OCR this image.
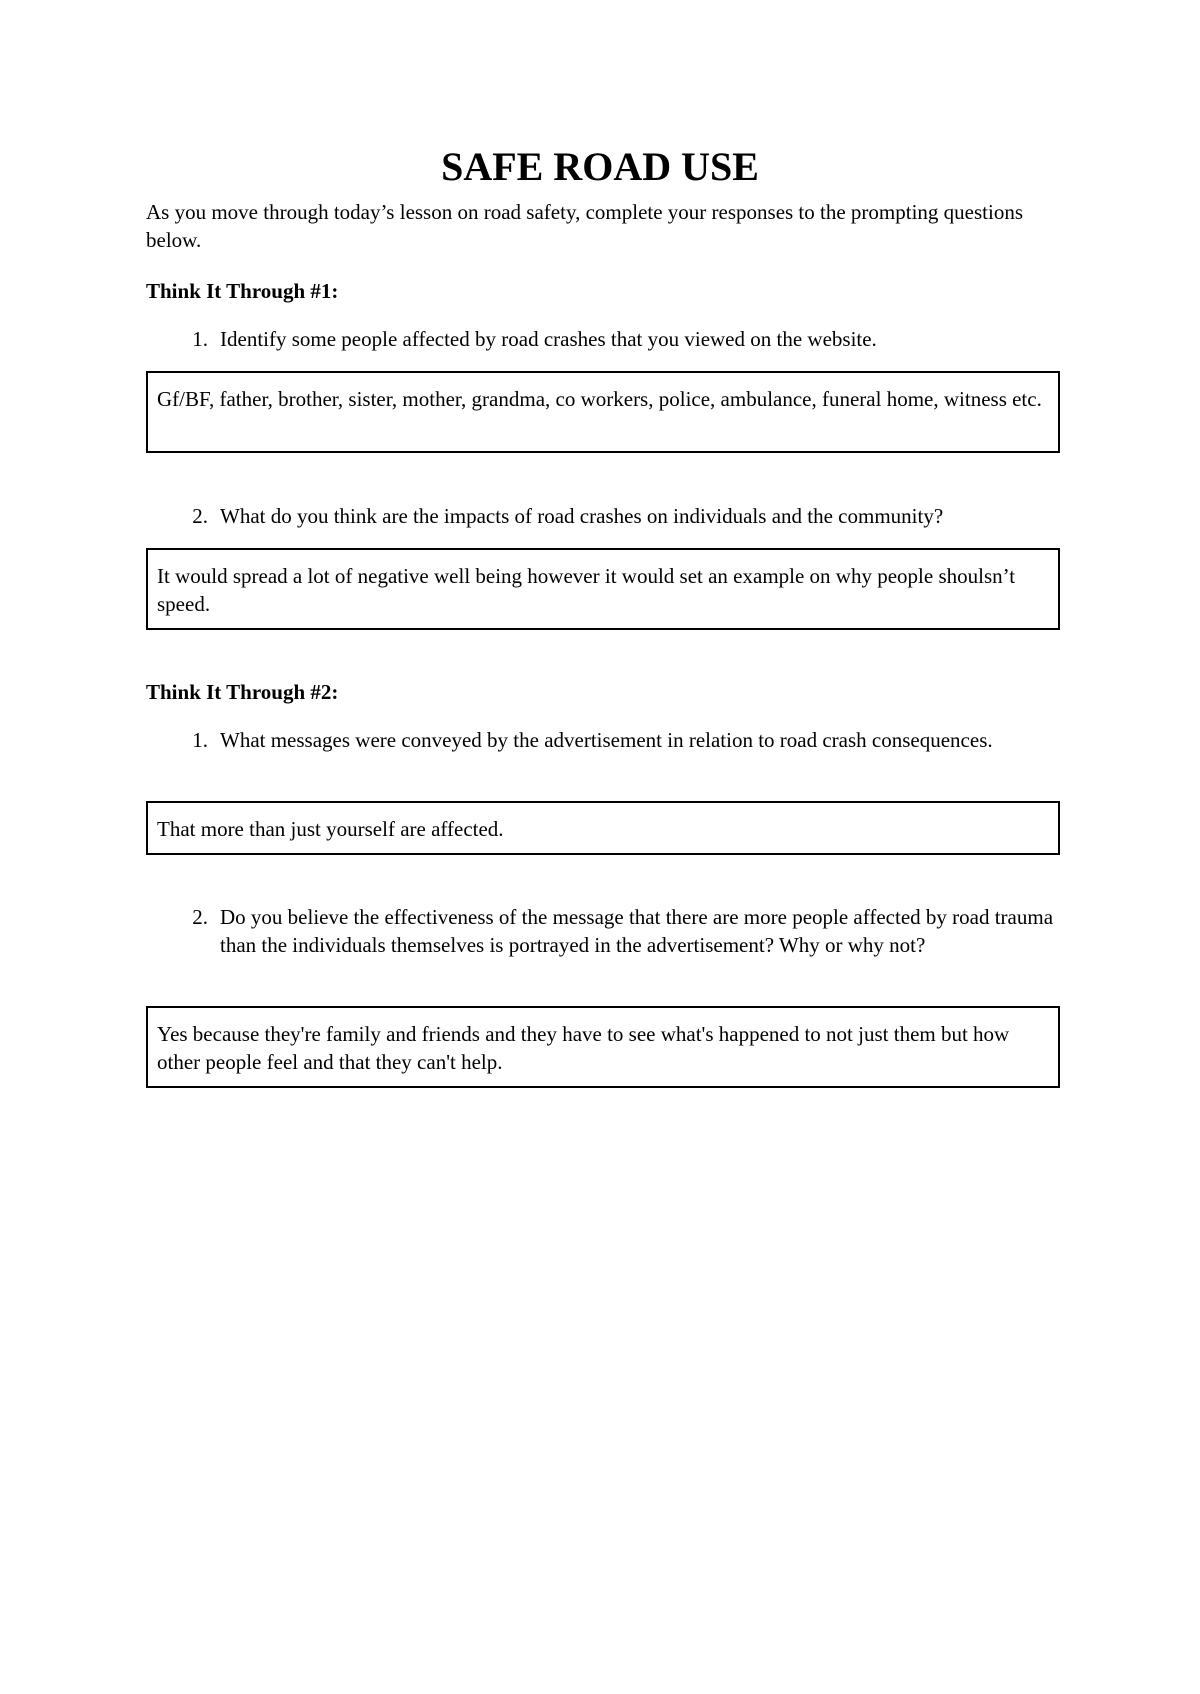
SAFE ROAD USE

As you move through today’s lesson on road safety, complete your responses to the prompting questions below.

Think It Through #1:

1. Identify some people affected by road crashes that you viewed on the website.
Gf/BF, father, brother, sister, mother, grandma, co workers, police, ambulance, funeral home, witness etc.
2. What do you think are the impacts of road crashes on individuals and the community?
It would spread a lot of negative well being however it would set an example on why people shoulsn’t speed.

Think It Through #2:

1. What messages were conveyed by the advertisement in relation to road crash consequences.
That more than just yourself are affected.
2. Do you believe the effectiveness of the message that there are more people affected by road trauma than the individuals themselves is portrayed in the advertisement? Why or why not?
Yes because they're family and friends and they have to see what's happened to not just them but how other people feel and that they can't help.
